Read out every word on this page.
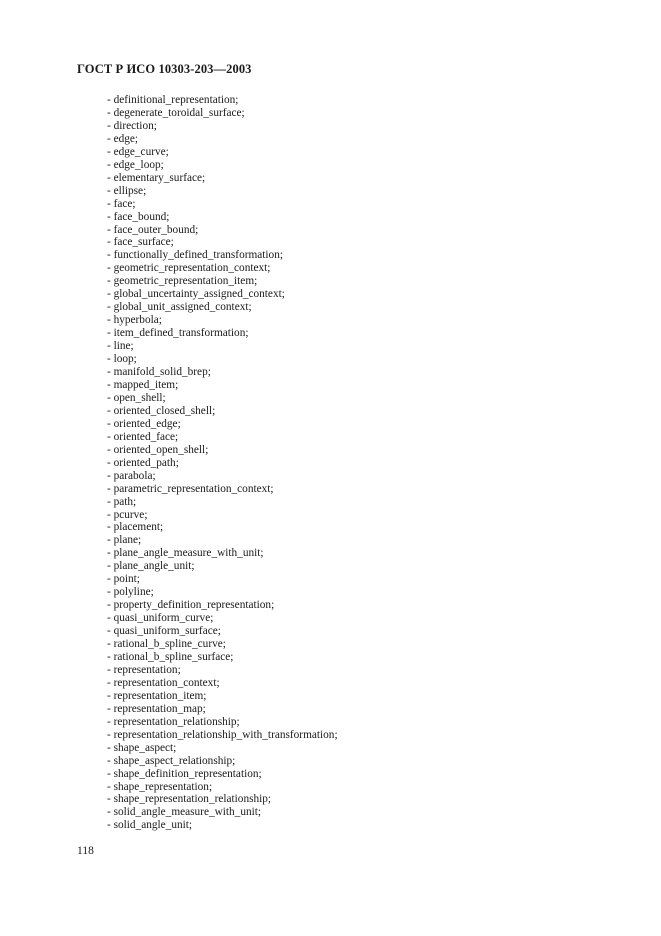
ГОСТ Р ИСО 10303-203—2003
- definitional_representation;
- degenerate_toroidal_surface;
- direction;
- edge;
- edge_curve;
- edge_loop;
- elementary_surface;
- ellipse;
- face;
- face_bound;
- face_outer_bound;
- face_surface;
- functionally_defined_transformation;
- geometric_representation_context;
- geometric_representation_item;
- global_uncertainty_assigned_context;
- global_unit_assigned_context;
- hyperbola;
- item_defined_transformation;
- line;
- loop;
- manifold_solid_brep;
- mapped_item;
- open_shell;
- oriented_closed_shell;
- oriented_edge;
- oriented_face;
- oriented_open_shell;
- oriented_path;
- parabola;
- parametric_representation_context;
- path;
- pcurve;
- placement;
- plane;
- plane_angle_measure_with_unit;
- plane_angle_unit;
- point;
- polyline;
- property_definition_representation;
- quasi_uniform_curve;
- quasi_uniform_surface;
- rational_b_spline_curve;
- rational_b_spline_surface;
- representation;
- representation_context;
- representation_item;
- representation_map;
- representation_relationship;
- representation_relationship_with_transformation;
- shape_aspect;
- shape_aspect_relationship;
- shape_definition_representation;
- shape_representation;
- shape_representation_relationship;
- solid_angle_measure_with_unit;
- solid_angle_unit;
118
